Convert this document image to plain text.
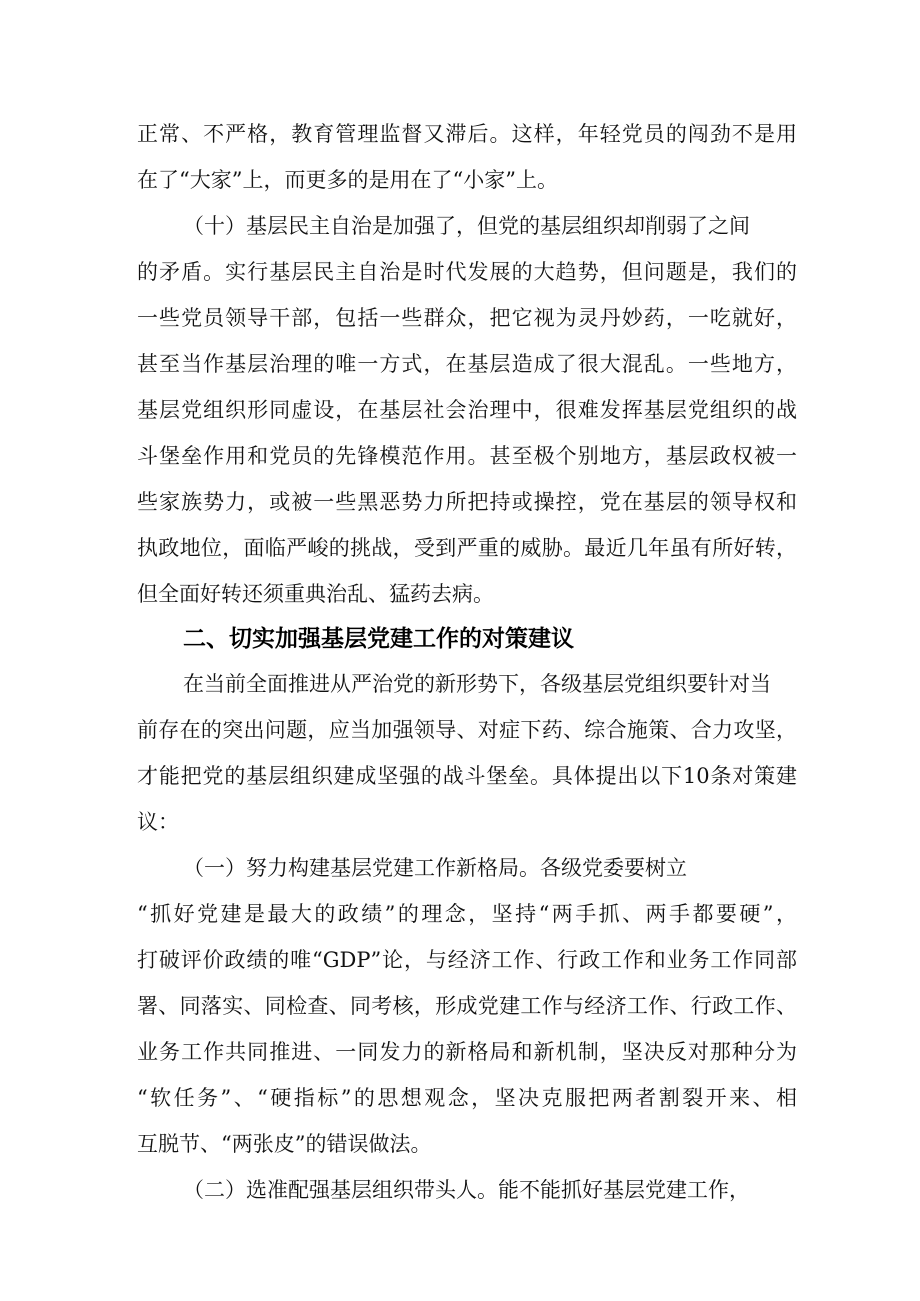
正常、不严格，教育管理监督又滞后。这样，年轻党员的闯劲不是用
在了“大家”上，而更多的是用在了“小家”上。
（十）基层民主自治是加强了，但党的基层组织却削弱了之间
的矛盾。实行基层民主自治是时代发展的大趋势，但问题是，我们的
一些党员领导干部，包括一些群众，把它视为灵丹妙药，一吃就好，
甚至当作基层治理的唯一方式，在基层造成了很大混乱。一些地方，
基层党组织形同虚设，在基层社会治理中，很难发挥基层党组织的战
斗堡垒作用和党员的先锋模范作用。甚至极个别地方，基层政权被一
些家族势力，或被一些黑恶势力所把持或操控，党在基层的领导权和
执政地位，面临严峻的挑战，受到严重的威胁。最近几年虽有所好转，
但全面好转还须重典治乱、猛药去病。
二、切实加强基层党建工作的对策建议
在当前全面推进从严治党的新形势下，各级基层党组织要针对当
前存在的突出问题，应当加强领导、对症下药、综合施策、合力攻坚，
才能把党的基层组织建成坚强的战斗堡垒。具体提出以下10条对策建
议：
（一）努力构建基层党建工作新格局。各级党委要树立
“抓好党建是最大的政绩”的理念，坚持“两手抓、两手都要硬”，
打破评价政绩的唯“GDP”论，与经济工作、行政工作和业务工作同部
署、同落实、同检查、同考核，形成党建工作与经济工作、行政工作、
业务工作共同推进、一同发力的新格局和新机制，坚决反对那种分为
“软任务”、“硬指标”的思想观念，坚决克服把两者割裂开来、相
互脱节、“两张皮”的错误做法。
（二）选准配强基层组织带头人。能不能抓好基层党建工作，
